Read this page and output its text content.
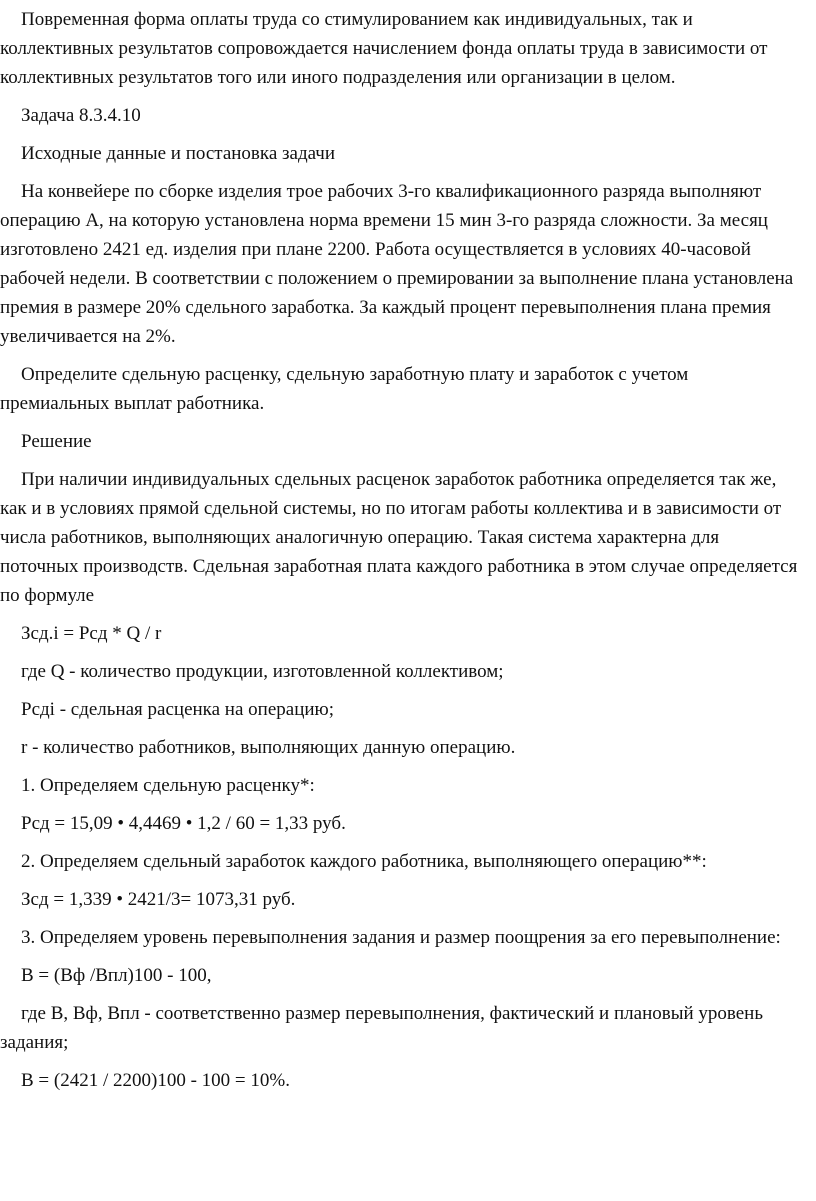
Повременная форма оплаты труда со стимулированием как индивидуальных, так и коллективных результатов сопровождается начислением фонда оплаты труда в зависимости от коллективных результатов того или иного подразделения или организации в целом.

Задача 8.3.4.10

Исходные данные и постановка задачи

На конвейере по сборке изделия трое рабочих 3-го квалификационного разряда выполняют операцию А, на которую установлена норма времени 15 мин 3-го разряда сложности. За месяц изготовлено 2421 ед. изделия при плане 2200. Работа осуществляется в условиях 40-часовой рабочей недели. В соответствии с положением о премировании за выполнение плана установлена премия в размере 20% сдельного заработка. За каждый процент перевыполнения плана премия увеличивается на 2%.

Определите сдельную расценку, сдельную заработную плату и заработок с учетом премиальных выплат работника.

Решение

При наличии индивидуальных сдельных расценок заработок работника определяется так же, как и в условиях прямой сдельной системы, но по итогам работы коллектива и в зависимости от числа работников, выполняющих аналогичную операцию. Такая система характерна для поточных производств. Сдельная заработная плата каждого работника в этом случае определяется по формуле

Зсд.i = Рсд * Q / r

где Q - количество продукции, изготовленной коллективом;

Рсдi - сдельная расценка на операцию;

r - количество работников, выполняющих данную операцию.

1. Определяем сдельную расценку*:

Рсд = 15,09 • 4,4469 • 1,2 / 60 = 1,33 руб.

2. Определяем сдельный заработок каждого работника, выполняющего операцию**:

Зсд = 1,339 • 2421/3= 1073,31 руб.

3. Определяем уровень перевыполнения задания и размер поощрения за его перевыполнение:

В = (Вф /Впл)100 - 100,

где В, Вф, Впл - соответственно размер перевыполнения, фактический и плановый уровень задания;

В = (2421 / 2200)100 - 100 = 10%.
